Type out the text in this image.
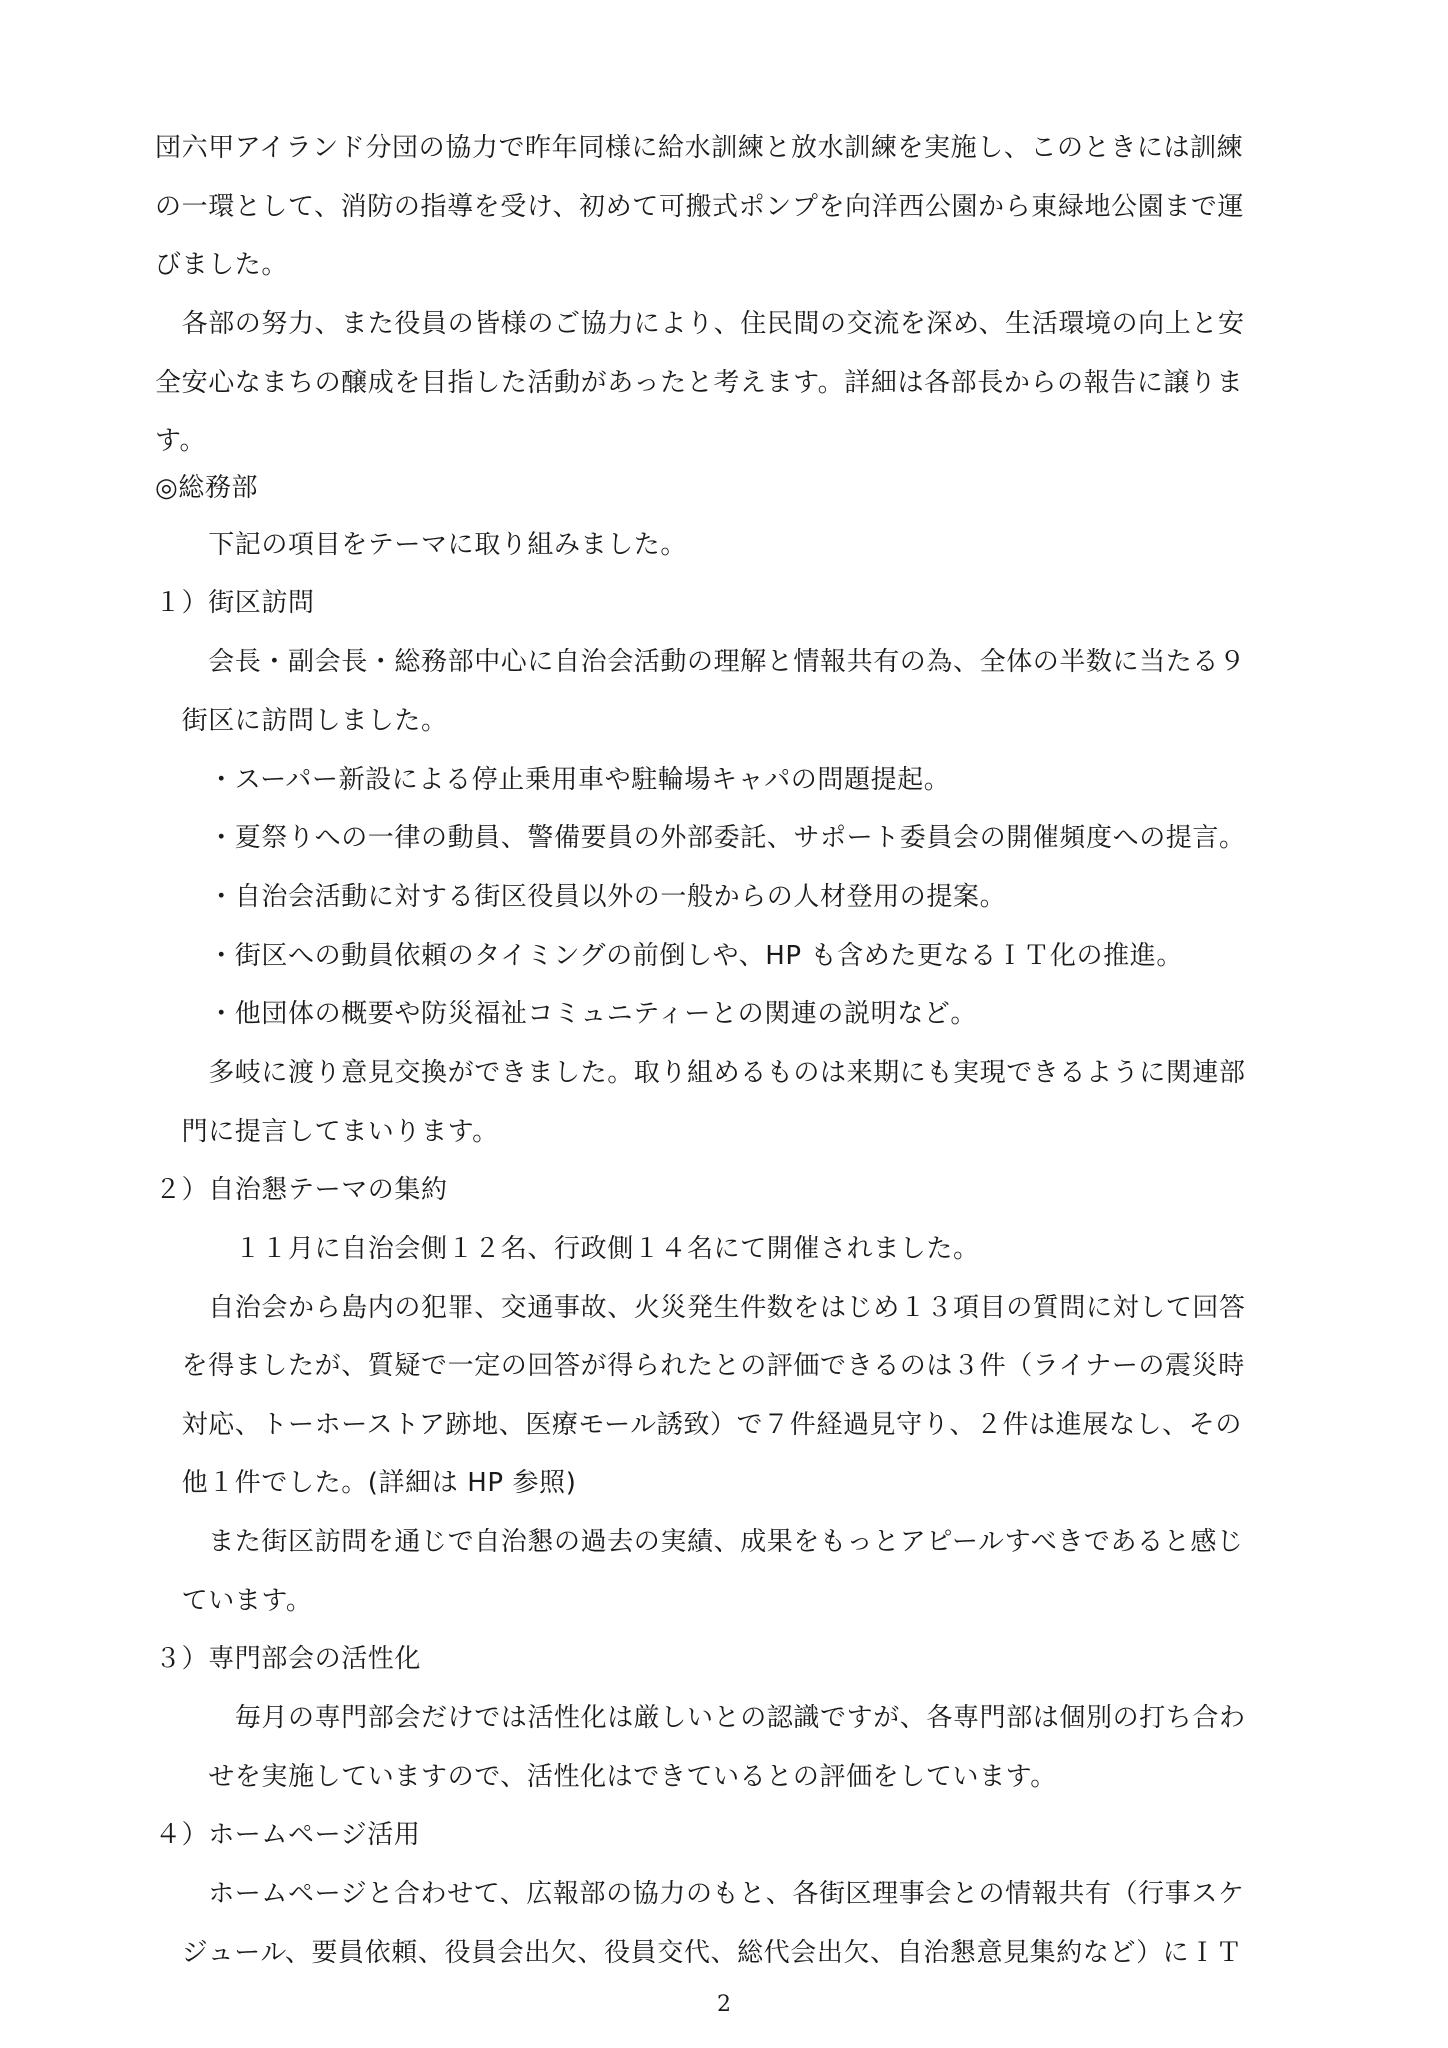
団六甲アイランド分団の協力で昨年同様に給水訓練と放水訓練を実施し、このときには訓練
の一環として、消防の指導を受け、初めて可搬式ポンプを向洋西公園から東緑地公園まで運
びました。
　各部の努力、また役員の皆様のご協力により、住民間の交流を深め、生活環境の向上と安
全安心なまちの醸成を目指した活動があったと考えます。詳細は各部長からの報告に譲りま
す。
◎総務部
　　下記の項目をテーマに取り組みました。
１）街区訪問
　　会長・副会長・総務部中心に自治会活動の理解と情報共有の為、全体の半数に当たる９
　街区に訪問しました。
　　・スーパー新設による停止乗用車や駐輪場キャパの問題提起。
　　・夏祭りへの一律の動員、警備要員の外部委託、サポート委員会の開催頻度への提言。
　　・自治会活動に対する街区役員以外の一般からの人材登用の提案。
　　・街区への動員依頼のタイミングの前倒しや、HP も含めた更なるＩＴ化の推進。
　　・他団体の概要や防災福祉コミュニティーとの関連の説明など。
　　多岐に渡り意見交換ができました。取り組めるものは来期にも実現できるように関連部
　門に提言してまいります。
２）自治懇テーマの集約
　　　１１月に自治会側１２名、行政側１４名にて開催されました。
　　自治会から島内の犯罪、交通事故、火災発生件数をはじめ１３項目の質問に対して回答
　を得ましたが、質疑で一定の回答が得られたとの評価できるのは３件（ライナーの震災時
　対応、トーホーストア跡地、医療モール誘致）で７件経過見守り、２件は進展なし、その
　他１件でした。(詳細は HP 参照)
　　また街区訪問を通じで自治懇の過去の実績、成果をもっとアピールすべきであると感じ
　ています。
３）専門部会の活性化
　　　毎月の専門部会だけでは活性化は厳しいとの認識ですが、各専門部は個別の打ち合わ
　　せを実施していますので、活性化はできているとの評価をしています。
４）ホームページ活用
　　ホームページと合わせて、広報部の協力のもと、各街区理事会との情報共有（行事スケ
　ジュール、要員依頼、役員会出欠、役員交代、総代会出欠、自治懇意見集約など）にＩＴ
2
